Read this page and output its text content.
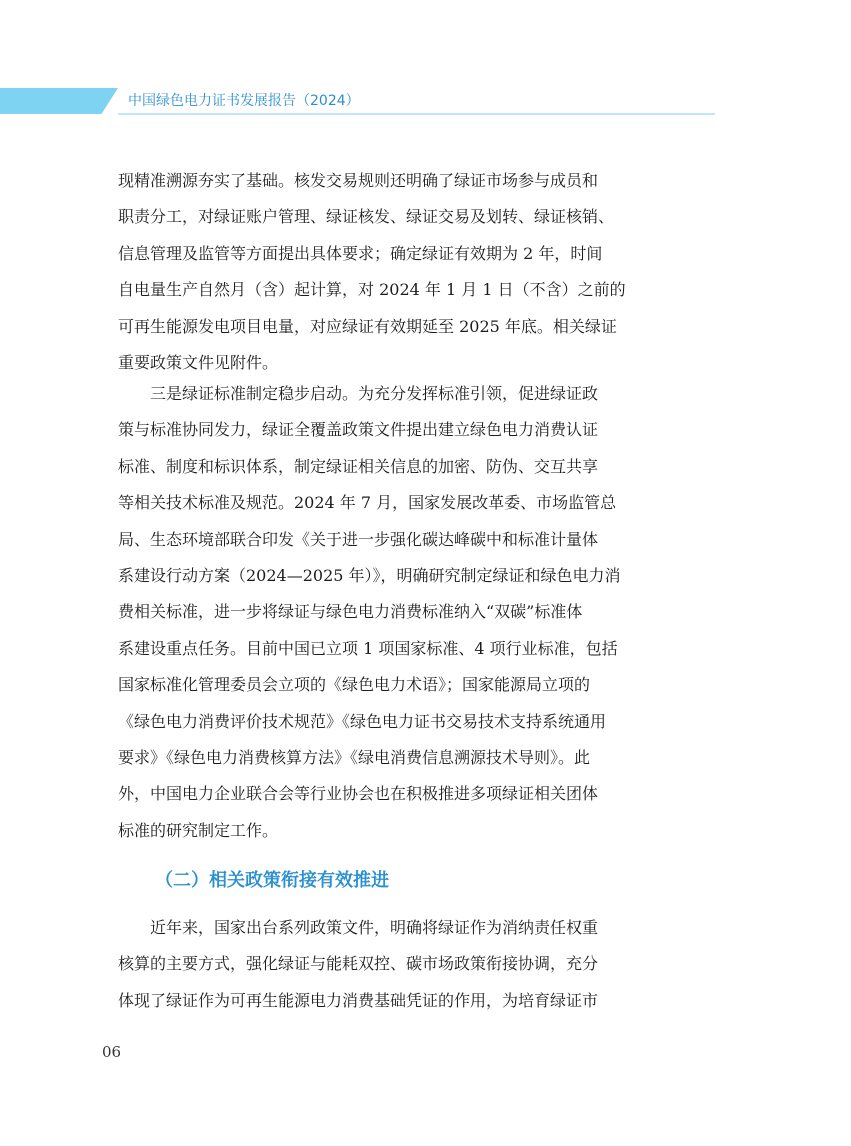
中国绿色电力证书发展报告（2024）
现精准溯源夯实了基础。核发交易规则还明确了绿证市场参与成员和
职责分工，对绿证账户管理、绿证核发、绿证交易及划转、绿证核销、
信息管理及监管等方面提出具体要求；确定绿证有效期为 2 年，时间
自电量生产自然月（含）起计算，对 2024 年 1 月 1 日（不含）之前的
可再生能源发电项目电量，对应绿证有效期延至 2025 年底。相关绿证
重要政策文件见附件。
　　三是绿证标准制定稳步启动。为充分发挥标准引领，促进绿证政
策与标准协同发力，绿证全覆盖政策文件提出建立绿色电力消费认证
标准、制度和标识体系，制定绿证相关信息的加密、防伪、交互共享
等相关技术标准及规范。2024 年 7 月，国家发展改革委、市场监管总
局、生态环境部联合印发《关于进一步强化碳达峰碳中和标准计量体
系建设行动方案（2024—2025 年）》，明确研究制定绿证和绿色电力消
费相关标准，进一步将绿证与绿色电力消费标准纳入“双碳”标准体
系建设重点任务。目前中国已立项 1 项国家标准、4 项行业标准，包括
国家标准化管理委员会立项的《绿色电力术语》；国家能源局立项的
《绿色电力消费评价技术规范》《绿色电力证书交易技术支持系统通用
要求》《绿色电力消费核算方法》《绿电消费信息溯源技术导则》。此
外，中国电力企业联合会等行业协会也在积极推进多项绿证相关团体
标准的研究制定工作。
（二）相关政策衔接有效推进
　　近年来，国家出台系列政策文件，明确将绿证作为消纳责任权重
核算的主要方式，强化绿证与能耗双控、碳市场政策衔接协调，充分
体现了绿证作为可再生能源电力消费基础凭证的作用，为培育绿证市
06
